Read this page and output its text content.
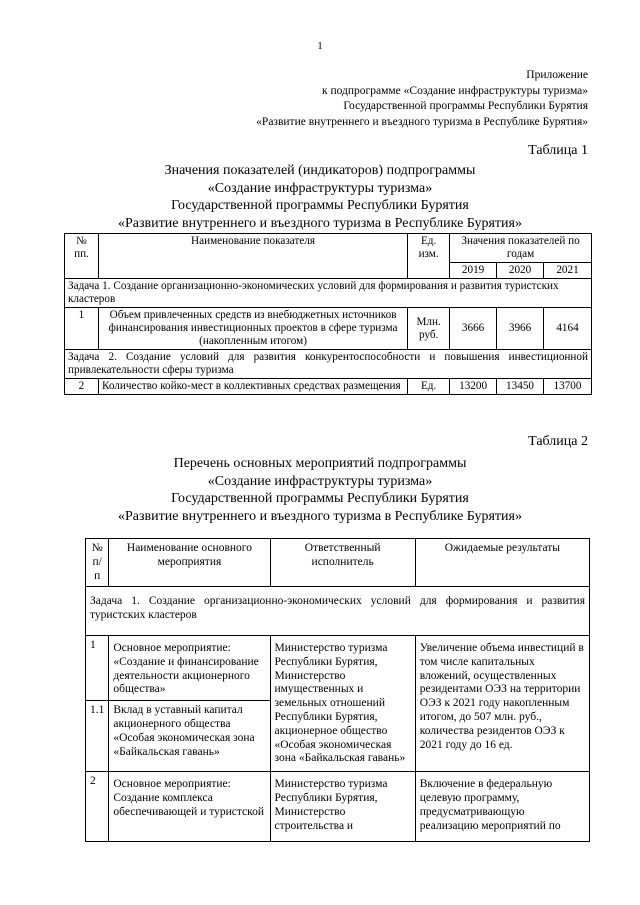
1
Приложение
к подпрограмме «Создание инфраструктуры туризма»
Государственной программы Республики Бурятия
«Развитие внутреннего и въездного туризма в Республике Бурятия»
Таблица 1
Значения показателей (индикаторов) подпрограммы
«Создание инфраструктуры туризма»
Государственной программы Республики Бурятия
«Развитие внутреннего и въездного туризма в Республике Бурятия»
№ пп.	Наименование показателя	Ед. изм.	Значения показателей по годам		
			2019	2020	2021
Задача 1. Создание организационно-экономических условий для формирования и развития туристских кластеров					
1	Объем привлеченных средств из внебюджетных источников финансирования инвестиционных проектов в сфере туризма (накопленным итогом)	Млн. руб.	3666	3966	4164
Задача 2. Создание условий для развития конкурентоспособности и повышения инвестиционной привлекательности сферы туризма					
2	Количество койко-мест в коллективных средствах размещения	Ед.	13200	13450	13700
Таблица 2
Перечень основных мероприятий подпрограммы
«Создание инфраструктуры туризма»
Государственной программы Республики Бурятия
«Развитие внутреннего и въездного туризма в Республике Бурятия»
№ п/п	Наименование основного мероприятия	Ответственный исполнитель	Ожидаемые результаты
Задача 1. Создание организационно-экономических условий для формирования и развития туристских кластеров			
1	Основное мероприятие: «Создание и финансирование деятельности акционерного общества»	Министерство туризма Республики Бурятия, Министерство имущественных и земельных отношений Республики Бурятия, акционерное общество «Особая экономическая зона «Байкальская гавань»	Увеличение объема инвестиций в том числе капитальных вложений, осуществленных резидентами ОЭЗ на территории ОЭЗ к 2021 году накопленным итогом, до 507 млн. руб., количества резидентов ОЭЗ к 2021 году до 16 ед.
1.1	Вклад в уставный капитал акционерного общества «Особая экономическая зона «Байкальская гавань»		
2	Основное мероприятие: Создание комплекса обеспечивающей и туристской	Министерство туризма Республики Бурятия, Министерство строительства и	Включение в федеральную целевую программу, предусматривающую реализацию мероприятий по
